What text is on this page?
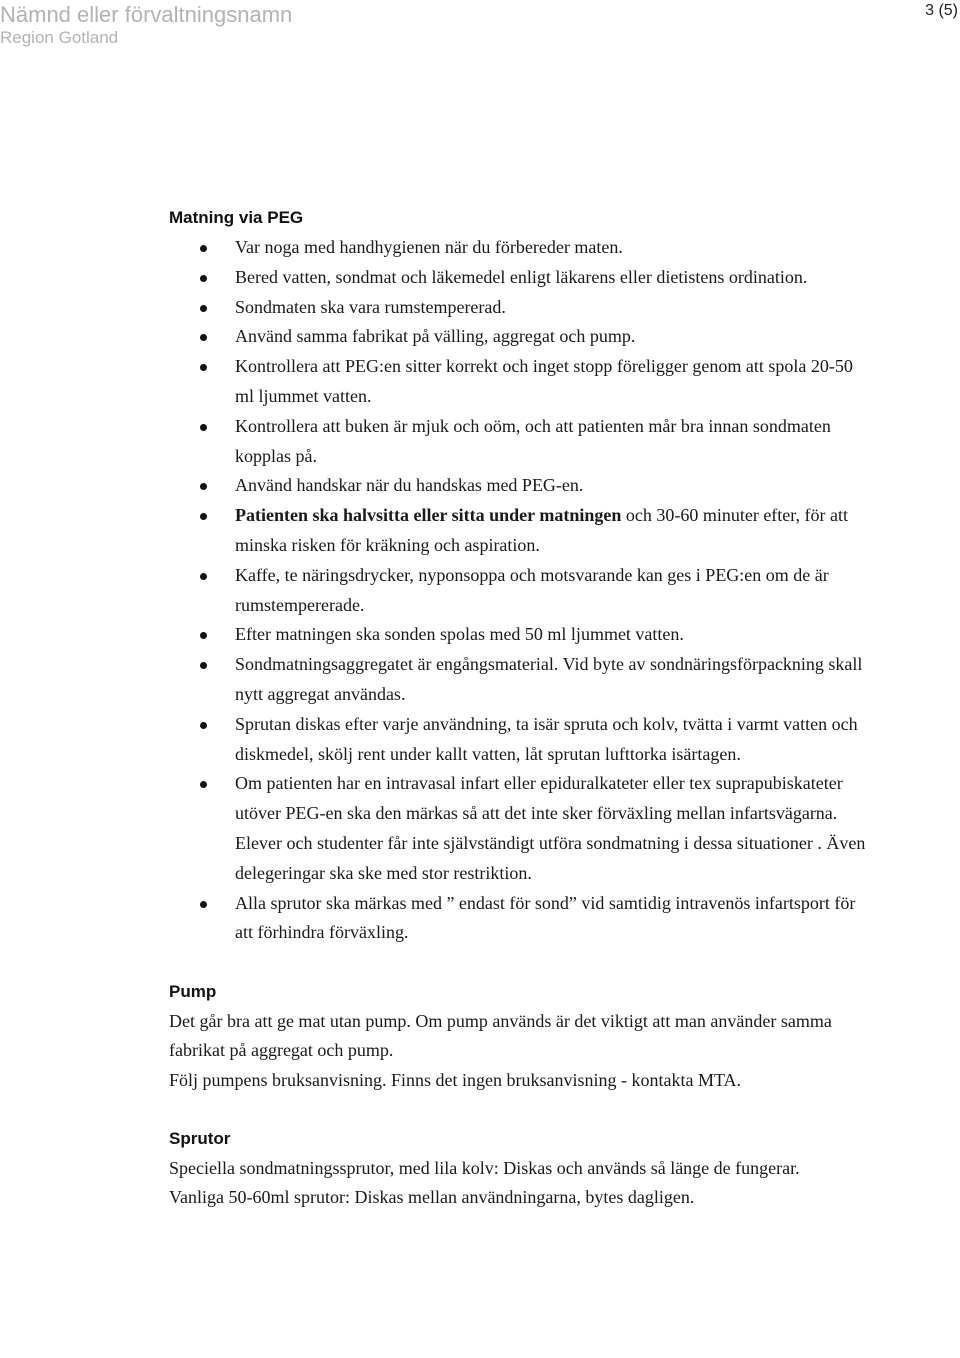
Nämnd eller förvaltningsnamn
Region Gotland
3 (5)
Matning via PEG
Var noga med handhygienen när du förbereder maten.
Bered vatten, sondmat och läkemedel enligt läkarens eller dietistens ordination.
Sondmaten ska vara rumstempererad.
Använd samma fabrikat på välling, aggregat och pump.
Kontrollera att PEG:en sitter korrekt och inget stopp föreligger genom att spola 20-50 ml ljummet vatten.
Kontrollera att buken är mjuk och oöm, och att patienten mår bra innan sondmaten kopplas på.
Använd handskar när du handskas med PEG-en.
Patienten ska halvsitta eller sitta under matningen och 30-60 minuter efter, för att minska risken för kräkning och aspiration.
Kaffe, te näringsdrycker, nyponsoppa och motsvarande kan ges i PEG:en om de är rumstempererade.
Efter matningen ska sonden spolas med 50 ml ljummet vatten.
Sondmatningsaggregatet är engångsmaterial. Vid byte av sondnäringsförpackning skall nytt aggregat användas.
Sprutan diskas efter varje användning, ta isär spruta och kolv, tvätta i varmt vatten och diskmedel, skölj rent under kallt vatten, låt sprutan lufttorka isärtagen.
Om patienten har en intravasal infart eller epiduralkateter eller tex suprapubiskateter utöver PEG-en ska den märkas så att det inte sker förväxling mellan infartsvägarna.
Elever och studenter får inte självständigt utföra sondmatning i dessa situationer . Även delegeringar ska ske med stor restriktion.
Alla sprutor ska märkas med ” endast för sond” vid samtidig intravenös infartsport för att förhindra förväxling.
Pump

Det går bra att ge mat utan pump. Om pump används är det viktigt att man använder samma fabrikat på aggregat och pump.

Följ pumpens bruksanvisning. Finns det ingen bruksanvisning - kontakta MTA.

Sprutor

Speciella sondmatningssprutor, med lila kolv: Diskas och används så länge de fungerar.

Vanliga 50-60ml sprutor: Diskas mellan användningarna, bytes dagligen.
